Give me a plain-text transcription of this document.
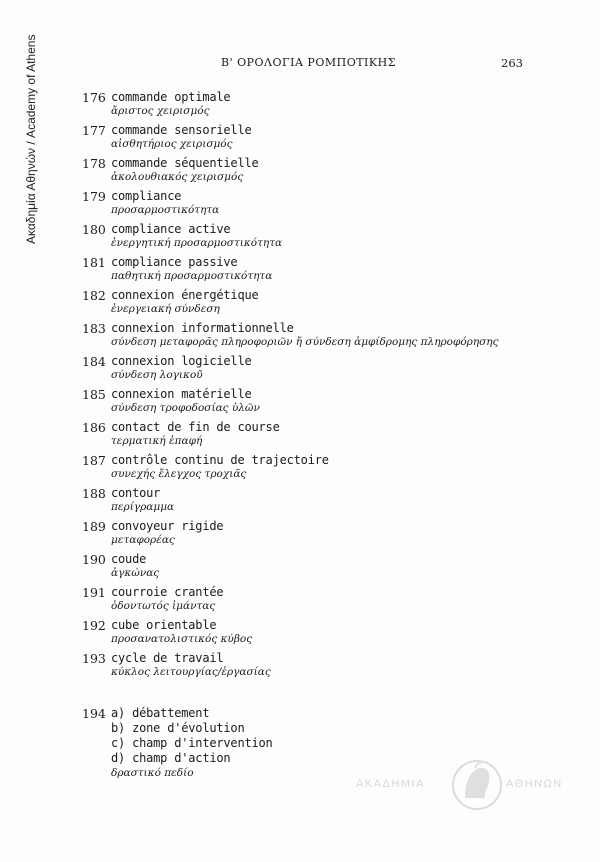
Ακαδημία Αθηνών / Academy of Athens	Β' ΟΡΟΛΟΓΙΑ ΡΟΜΠΟΤΙΚΗΣ	263
176 commande optimale
ἄριστος χειρισμός
177 commande sensorielle
αἰσθητήριος χειρισμός
178 commande séquentielle
ἀκολουθιακός χειρισμός
179 compliance
προσαρμοστικότητα
180 compliance active
ἐνεργητική προσαρμοστικότητα
181 compliance passive
παθητική προσαρμοστικότητα
182 connexion énergétique
ἐνεργειακή σύνδεση
183 connexion informationnelle
σύνδεση μεταφορᾶς πληροφοριῶν ἤ σύνδεση ἀμφίδρομης πληροφόρησης
184 connexion logicielle
σύνδεση λογικοῦ
185 connexion matérielle
σύνδεση τροφοδοσίας ὑλῶν
186 contact de fin de course
τερματική ἐπαφή
187 contrôle continu de trajectoire
συνεχής ἔλεγχος τροχιᾶς
188 contour
περίγραμμα
189 convoyeur rigide
μεταφορέας
190 coude
ἀγκώνας
191 courroie crantée
ὀδοντωτός ἱμάντας
192 cube orientable
προσανατολιστικός κύβος
193 cycle de travail
κύκλος λειτουργίας/ἐργασίας
194 a) débattement
b) zone d'évolution
c) champ d'intervention
d) champ d'action
δραστικό πεδίο
ΑΚΑΔΗΜΙΑ	ΑΘΗΝΩΝ
